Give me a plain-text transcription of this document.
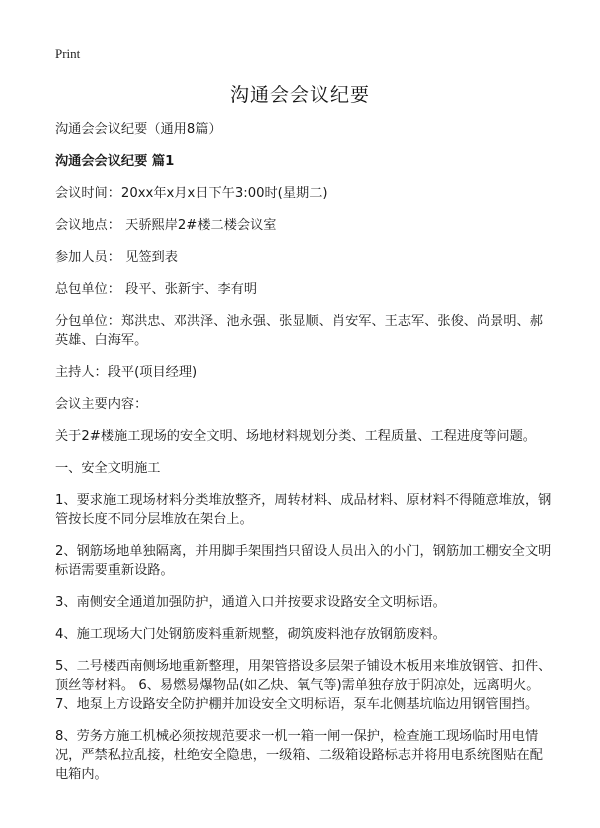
Print
沟通会会议纪要

沟通会会议纪要（通用8篇）

沟通会会议纪要 篇1

会议时间：20xx年x月x日下午3:00时(星期二)

会议地点： 天骄熙岸2#楼二楼会议室

参加人员： 见签到表

总包单位： 段平、张新宇、李有明

分包单位：郑洪忠、邓洪泽、池永强、张显顺、肖安军、王志军、张俊、尚景明、郝英雄、白海军。

主持人：段平(项目经理)

会议主要内容：

关于2#楼施工现场的安全文明、场地材料规划分类、工程质量、工程进度等问题。

一、安全文明施工

1、要求施工现场材料分类堆放整齐，周转材料、成品材料、原材料不得随意堆放，钢管按长度不同分层堆放在架台上。

2、钢筋场地单独隔离，并用脚手架围挡只留设人员出入的小门，钢筋加工棚安全文明标语需要重新设路。

3、南侧安全通道加强防护，通道入口并按要求设路安全文明标语。

4、施工现场大门处钢筋废料重新规整，砌筑废料池存放钢筋废料。

5、二号楼西南侧场地重新整理，用架管搭设多层架子铺设木板用来堆放钢管、扣件、顶丝等材料。 6、易燃易爆物品(如乙炔、氧气等)需单独存放于阴凉处，远离明火。 7、地泵上方设路安全防护棚并加设安全文明标语，泵车北侧基坑临边用钢管围挡。

8、劳务方施工机械必须按规范要求一机一箱一闸一保护，检查施工现场临时用电情况，严禁私拉乱接，杜绝安全隐患，一级箱、二级箱设路标志并将用电系统图贴在配电箱内。
